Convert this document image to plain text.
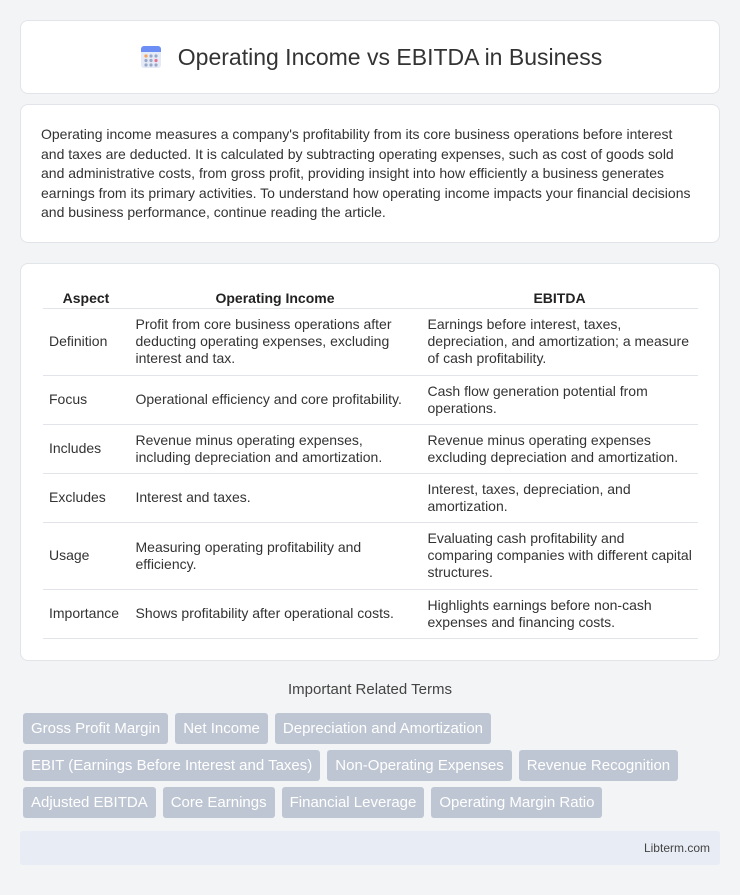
Operating Income vs EBITDA in Business

Operating income measures a company's profitability from its core business operations before interest and taxes are deducted. It is calculated by subtracting operating expenses, such as cost of goods sold and administrative costs, from gross profit, providing insight into how efficiently a business generates earnings from its primary activities. To understand how operating income impacts your financial decisions and business performance, continue reading the article.

Aspect	Operating Income	EBITDA
Definition	Profit from core business operations after deducting operating expenses, excluding interest and tax.	Earnings before interest, taxes, depreciation, and amortization; a measure of cash profitability.
Focus	Operational efficiency and core profitability.	Cash flow generation potential from operations.
Includes	Revenue minus operating expenses, including depreciation and amortization.	Revenue minus operating expenses excluding depreciation and amortization.
Excludes	Interest and taxes.	Interest, taxes, depreciation, and amortization.
Usage	Measuring operating profitability and efficiency.	Evaluating cash profitability and comparing companies with different capital structures.
Importance	Shows profitability after operational costs.	Highlights earnings before non-cash expenses and financing costs.
Important Related Terms
Gross Profit Margin	Net Income	Depreciation and Amortization
EBIT (Earnings Before Interest and Taxes)	Non-Operating Expenses	Revenue Recognition
Adjusted EBITDA	Core Earnings	Financial Leverage	Operating Margin Ratio
Libterm.com
